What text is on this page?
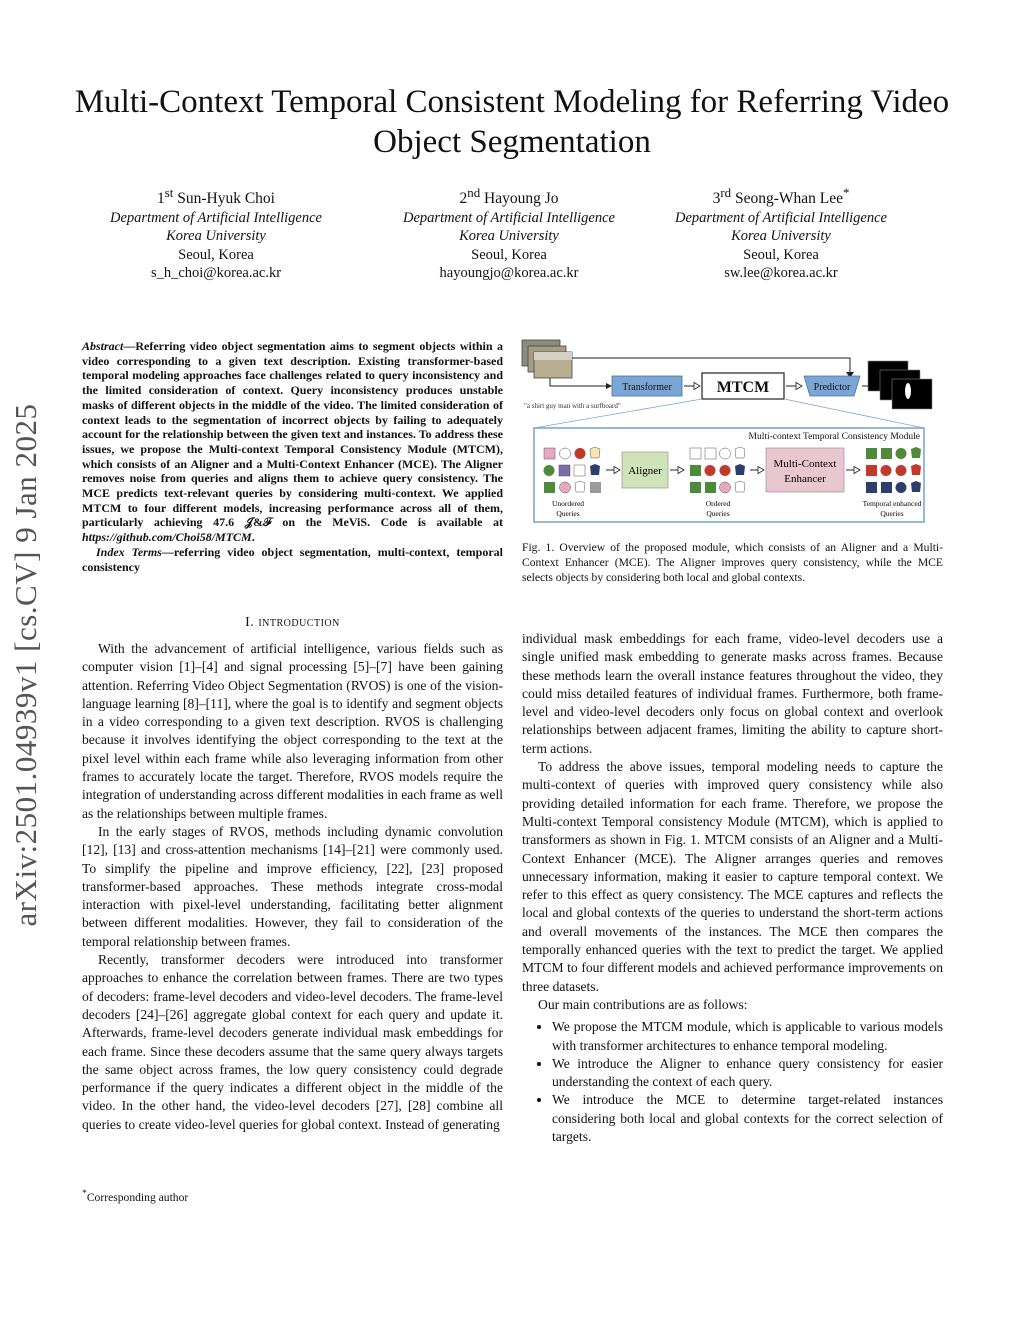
Multi-Context Temporal Consistent Modeling for Referring Video Object Segmentation
1st Sun-Hyuk Choi
Department of Artificial Intelligence
Korea University
Seoul, Korea
s_h_choi@korea.ac.kr
2nd Hayoung Jo
Department of Artificial Intelligence
Korea University
Seoul, Korea
hayoungjo@korea.ac.kr
3rd Seong-Whan Lee*
Department of Artificial Intelligence
Korea University
Seoul, Korea
sw.lee@korea.ac.kr
arXiv:2501.04939v1 [cs.CV] 9 Jan 2025
Abstract—Referring video object segmentation aims to segment objects within a video corresponding to a given text description. Existing transformer-based temporal modeling approaches face challenges related to query inconsistency and the limited consideration of context. Query inconsistency produces unstable masks of different objects in the middle of the video. The limited consideration of context leads to the segmentation of incorrect objects by failing to adequately account for the relationship between the given text and instances. To address these issues, we propose the Multi-context Temporal Consistency Module (MTCM), which consists of an Aligner and a Multi-Context Enhancer (MCE). The Aligner removes noise from queries and aligns them to achieve query consistency. The MCE predicts text-relevant queries by considering multi-context. We applied MTCM to four different models, increasing performance across all of them, particularly achieving 47.6 𝒥&ℱ on the MeViS. Code is available at https://github.com/Choi58/MTCM.
Index Terms—referring video object segmentation, multi-context, temporal consistency
I. introduction

With the advancement of artificial intelligence, various fields such as computer vision [1]–[4] and signal processing [5]–[7] have been gaining attention. Referring Video Object Segmentation (RVOS) is one of the vision-language learning [8]–[11], where the goal is to identify and segment objects in a video corresponding to a given text description. RVOS is challenging because it involves identifying the object corresponding to the text at the pixel level within each frame while also leveraging information from other frames to accurately locate the target. Therefore, RVOS models require the integration of understanding across different modalities in each frame as well as the relationships between multiple frames.

In the early stages of RVOS, methods including dynamic convolution [12], [13] and cross-attention mechanisms [14]–[21] were commonly used. To simplify the pipeline and improve efficiency, [22], [23] proposed transformer-based approaches. These methods integrate cross-modal interaction with pixel-level understanding, facilitating better alignment between different modalities. However, they fail to consideration of the temporal relationship between frames.

Recently, transformer decoders were introduced into transformer approaches to enhance the correlation between frames. There are two types of decoders: frame-level decoders and video-level decoders. The frame-level decoders [24]–[26] aggregate global context for each query and update it. Afterwards, frame-level decoders generate individual mask embeddings for each frame. Since these decoders assume that the same query always targets the same object across frames, the low query consistency could degrade performance if the query indicates a different object in the middle of the video. In the other hand, the video-level decoders [27], [28] combine all queries to create video-level queries for global context. Instead of generating

*Corresponding author
Transformer	MTCM	Predictor
"a shirt guy man with a surfboard"
Multi-context Temporal Consistency Module
Unordered
Queries
Aligner
Ordered
Queries
Multi-Context
Enhancer
Temporal enhanced
Queries
Fig. 1. Overview of the proposed module, which consists of an Aligner and a Multi-Context Enhancer (MCE). The Aligner improves query consistency, while the MCE selects objects by considering both local and global contexts.

individual mask embeddings for each frame, video-level decoders use a single unified mask embedding to generate masks across frames. Because these methods learn the overall instance features throughout the video, they could miss detailed features of individual frames. Furthermore, both frame-level and video-level decoders only focus on global context and overlook relationships between adjacent frames, limiting the ability to capture short-term actions.

To address the above issues, temporal modeling needs to capture the multi-context of queries with improved query consistency while also providing detailed information for each frame. Therefore, we propose the Multi-context Temporal consistency Module (MTCM), which is applied to transformers as shown in Fig. 1. MTCM consists of an Aligner and a Multi-Context Enhancer (MCE). The Aligner arranges queries and removes unnecessary information, making it easier to capture temporal context. We refer to this effect as query consistency. The MCE captures and reflects the local and global contexts of the queries to understand the short-term actions and overall movements of the instances. The MCE then compares the temporally enhanced queries with the text to predict the target. We applied MTCM to four different models and achieved performance improvements on three datasets.

Our main contributions are as follows:

• We propose the MTCM module, which is applicable to various models with transformer architectures to enhance temporal modeling.
• We introduce the Aligner to enhance query consistency for easier understanding the context of each query.
• We introduce the MCE to determine target-related instances considering both local and global contexts for the correct selection of targets.
